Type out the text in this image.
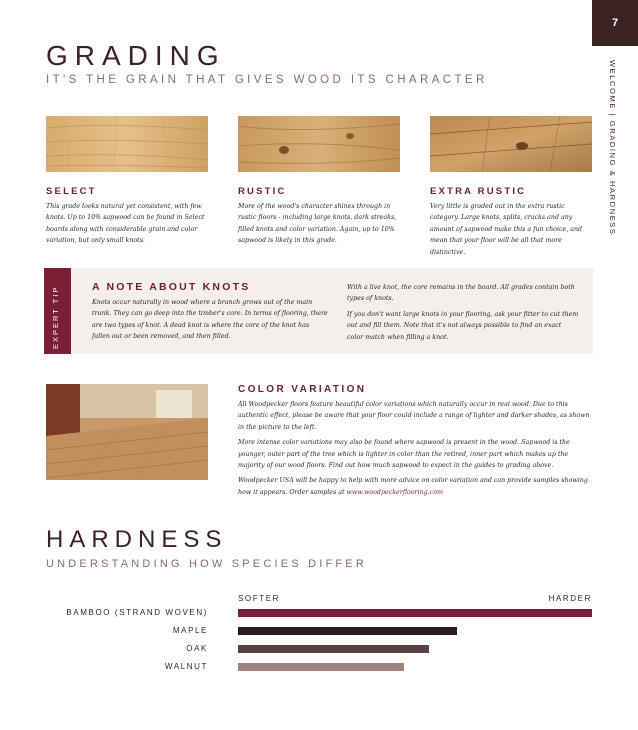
7
WELCOME | GRADING & HARDNESS
GRADING
IT'S THE GRAIN THAT GIVES WOOD ITS CHARACTER
SELECT
This grade looks natural yet consistent, with few knots. Up to 10% sapwood can be found in Select boards along with considerable grain and color variation, but only small knots.
RUSTIC
More of the wood's character shines through in rustic floors - including large knots, dark streaks, filled knots and color variation. Again, up to 10% sapwood is likely in this grade.
EXTRA RUSTIC
Very little is graded out in the extra rustic category. Large knots, splits, cracks and any amount of sapwood make this a fun choice, and mean that your floor will be all that more distinctive.
EXPERT TIP	A NOTE ABOUT KNOTS
Knots occur naturally in wood where a branch grows out of the main trunk. They can go deep into the timber's core. In terms of flooring, there are two types of knot. A dead knot is where the core of the knot has fallen out or been removed, and then filled.

With a live knot, the core remains in the board. All grades contain both types of knots.

If you don't want large knots in your flooring, ask your fitter to cut them out and fill them. Note that it's not always possible to find an exact color match when filling a knot.

COLOR VARIATION

All Woodpecker floors feature beautiful color variations which naturally occur in real wood. Due to this authentic effect, please be aware that your floor could include a range of lighter and darker shades, as shown in the picture to the left.

More intense color variations may also be found where sapwood is present in the wood. Sapwood is the younger, outer part of the tree which is lighter in color than the retired, inner part which makes up the majority of our wood floors. Find out how much sapwood to expect in the guides to grading above.

Woodpecker USA will be happy to help with more advice on color variation and can provide samples showing how it appears. Order samples at www.woodpeckerflooring.com

HARDNESS
UNDERSTANDING HOW SPECIES DIFFER
SOFTER	HARDER
BAMBOO (STRAND WOVEN)
MAPLE
OAK
WALNUT
